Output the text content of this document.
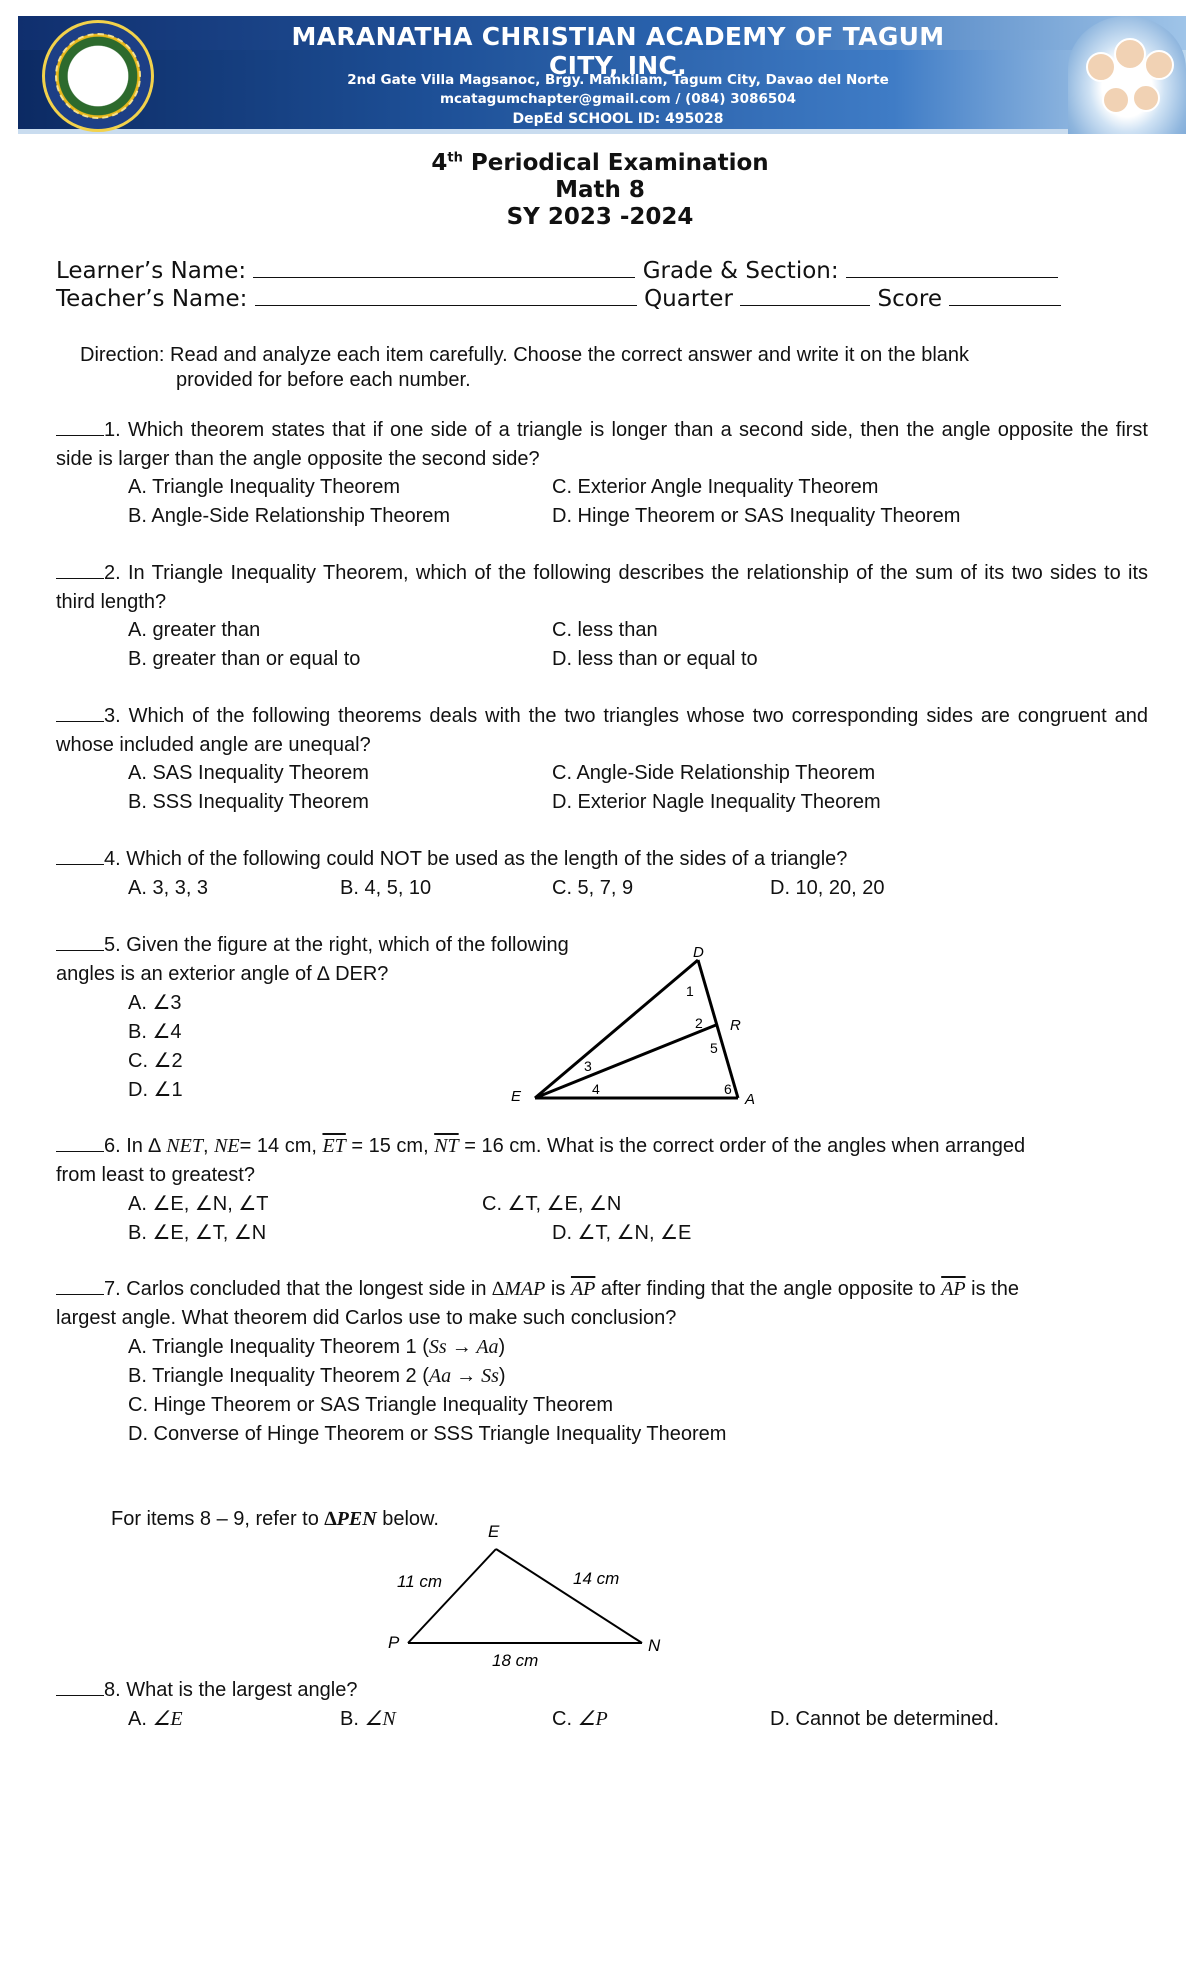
MARANATHA CHRISTIAN ACADEMY OF TAGUM CITY, INC.
2nd Gate Villa Magsanoc, Brgy. Mankilam, Tagum City, Davao del Norte
mcatagumchapter@gmail.com / (084) 3086504
DepEd SCHOOL ID: 495028
4th Periodical Examination
Math 8
SY 2023 -2024
Learner’s Name:	Grade & Section:
Teacher’s Name:	Quarter	Score
Direction: Read and analyze each item carefully. Choose the correct answer and write it on the blank
provided for before each number.
1. Which theorem states that if one side of a triangle is longer than a second side, then the angle opposite the first side is larger than the angle opposite the second side?
A. Triangle Inequality Theorem	C. Exterior Angle Inequality Theorem
B. Angle-Side Relationship Theorem	D. Hinge Theorem or SAS Inequality Theorem
2. In Triangle Inequality Theorem, which of the following describes the relationship of the sum of its two sides to its third length?
A. greater than	C. less than
B. greater than or equal to	D. less than or equal to
3. Which of the following theorems deals with the two triangles whose two corresponding sides are congruent and whose included angle are unequal?
A. SAS Inequality Theorem	C. Angle-Side Relationship Theorem
B. SSS Inequality Theorem	D. Exterior Nagle Inequality Theorem
4. Which of the following could NOT be used as the length of the sides of a triangle?
A. 3, 3, 3	B. 4, 5, 10	C. 5, 7, 9	D. 10, 20, 20
5. Given the figure at the right, which of the following
angles is an exterior angle of ∆ DER?
A. ∠3
B. ∠4
C. ∠2
D. ∠1
D
E
R
A
1
2
3
4
5
6
6. In ∆ NET, NE= 14 cm, $\overline{ET} = 15$ cm, $\overline{NT} = 16$ cm. What is the correct order of the angles when arranged
from least to greatest?
A. ∠E, ∠N, ∠T	C. ∠T, ∠E, ∠N
B. ∠E, ∠T, ∠N	D. ∠T, ∠N, ∠E
7. Carlos concluded that the longest side in ∆MAP is $\overline{AP}$ after finding that the angle opposite to $\overline{AP}$ is the
largest angle. What theorem did Carlos use to make such conclusion?
A. Triangle Inequality Theorem 1 (Ss → Aa)
B. Triangle Inequality Theorem 2 (Aa → Ss)
C. Hinge Theorem or SAS Triangle Inequality Theorem
D. Converse of Hinge Theorem or SSS Triangle Inequality Theorem
For items 8 – 9, refer to ∆PEN below.
E
P	N
11 cm	14 cm
18 cm
8. What is the largest angle?
A. ∠E	B. ∠N	C. ∠P	D. Cannot be determined.
